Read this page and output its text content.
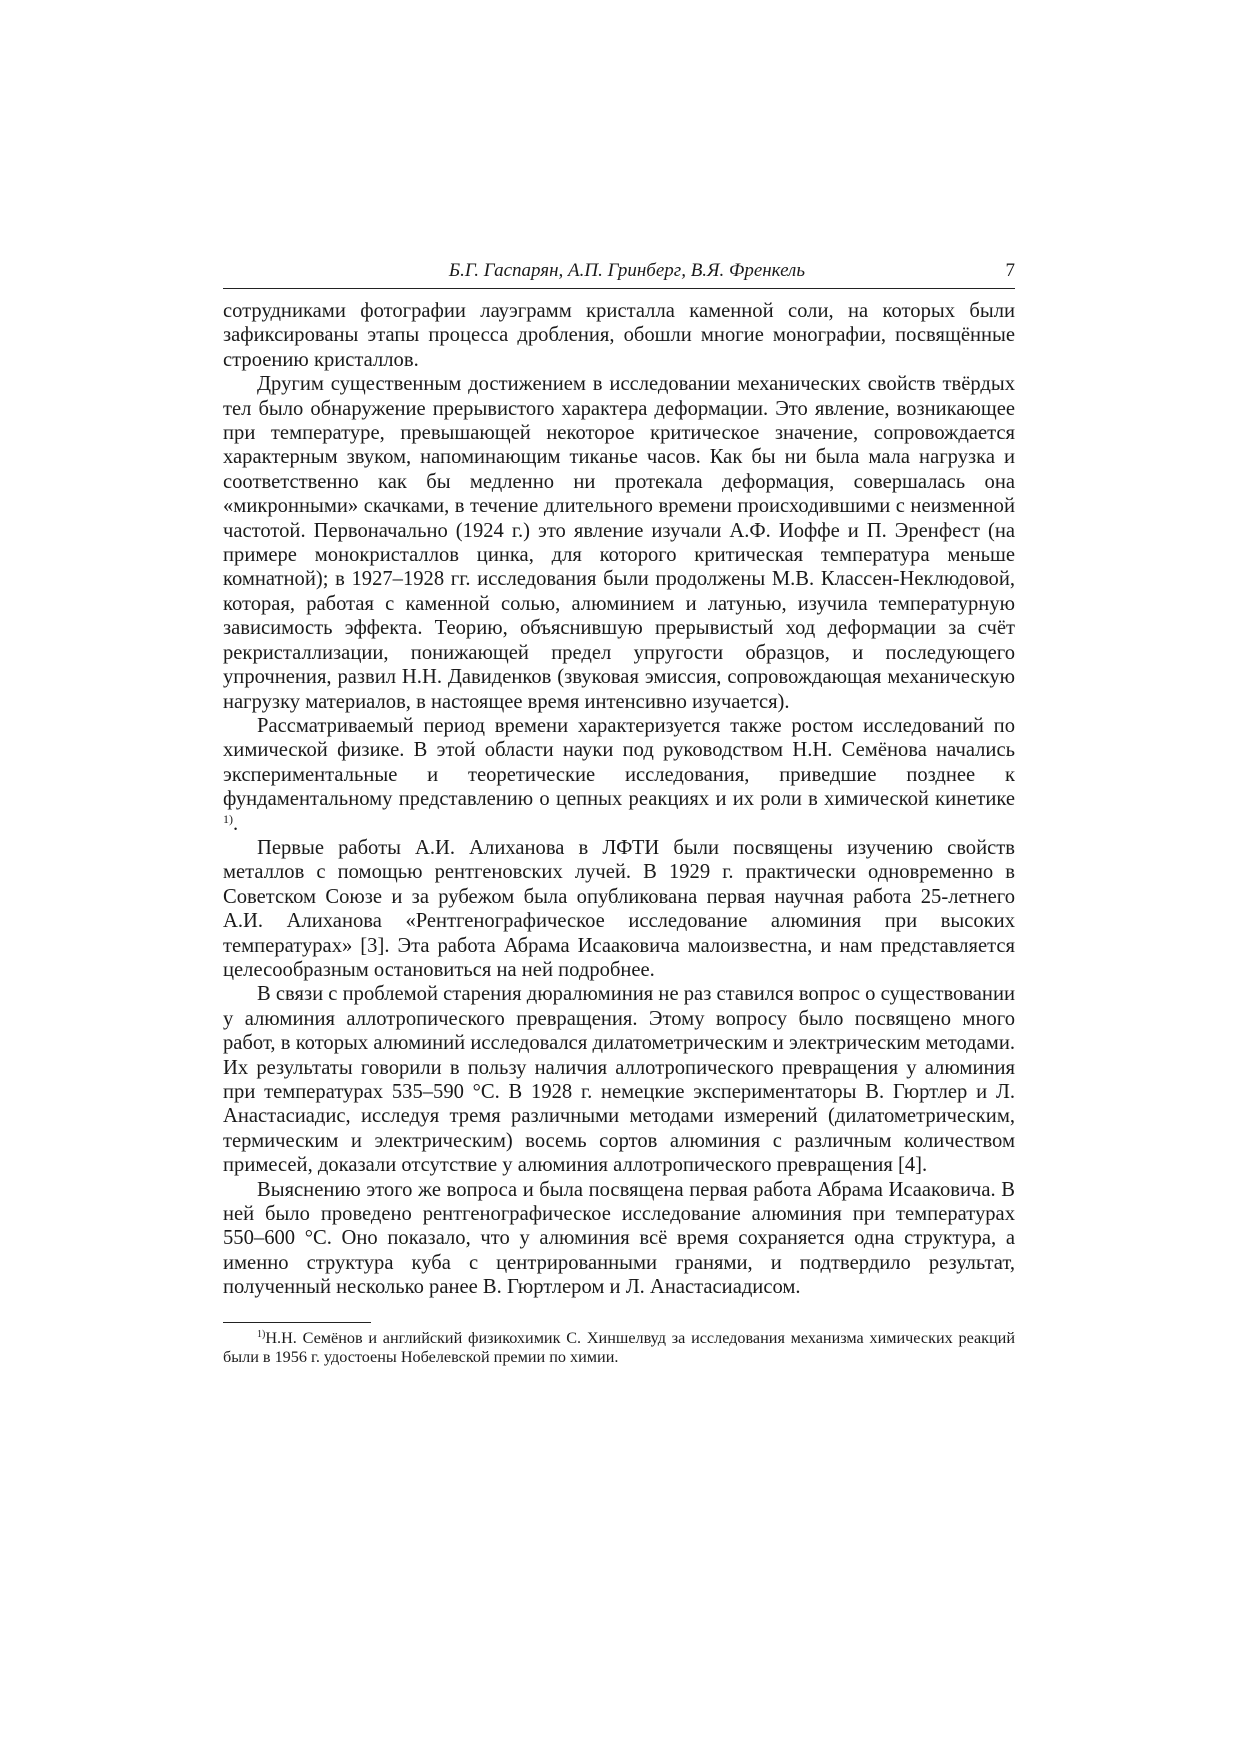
Б.Г. Гаспарян, А.П. Гринберг, В.Я. Френкель	7

сотрудниками фотографии лауэграмм кристалла каменной соли, на которых были зафиксированы этапы процесса дробления, обошли многие монографии, посвящённые строению кристаллов.

Другим существенным достижением в исследовании механических свойств твёрдых тел было обнаружение прерывистого характера деформации. Это явление, возникающее при температуре, превышающей некоторое критическое значение, сопровождается характерным звуком, напоминающим тиканье часов. Как бы ни была мала нагрузка и соответственно как бы медленно ни протекала деформация, совершалась она «микронными» скачками, в течение длительного времени происходившими с неизменной частотой. Первоначально (1924 г.) это явление изучали А.Ф. Иоффе и П. Эренфест (на примере монокристаллов цинка, для которого критическая температура меньше комнатной); в 1927–1928 гг. исследования были продолжены М.В. Классен-Неклюдовой, которая, работая с каменной солью, алюминием и латунью, изучила температурную зависимость эффекта. Теорию, объяснившую прерывистый ход деформации за счёт рекристаллизации, понижающей предел упругости образцов, и последующего упрочнения, развил Н.Н. Давиденков (звуковая эмиссия, сопровождающая механическую нагрузку материалов, в настоящее время интенсивно изучается).

Рассматриваемый период времени характеризуется также ростом исследований по химической физике. В этой области науки под руководством Н.Н. Семёнова начались экспериментальные и теоретические исследования, приведшие позднее к фундаментальному представлению о цепных реакциях и их роли в химической кинетике $^{1)}$.

Первые работы А.И. Алиханова в ЛФТИ были посвящены изучению свойств металлов с помощью рентгеновских лучей. В 1929 г. практически одновременно в Советском Союзе и за рубежом была опубликована первая научная работа 25-летнего А.И. Алиханова «Рентгенографическое исследование алюминия при высоких температурах» [3]. Эта работа Абрама Исааковича малоизвестна, и нам представляется целесообразным остановиться на ней подробнее.

В связи с проблемой старения дюралюминия не раз ставился вопрос о существовании у алюминия аллотропического превращения. Этому вопросу было посвящено много работ, в которых алюминий исследовался дилатометрическим и электрическим методами. Их результаты говорили в пользу наличия аллотропического превращения у алюминия при температурах 535–590 °С. В 1928 г. немецкие экспериментаторы В. Гюртлер и Л. Анастасиадис, исследуя тремя различными методами измерений (дилатометрическим, термическим и электрическим) восемь сортов алюминия с различным количеством примесей, доказали отсутствие у алюминия аллотропического превращения [4].

Выяснению этого же вопроса и была посвящена первая работа Абрама Исааковича. В ней было проведено рентгенографическое исследование алюминия при температурах 550–600 °С. Оно показало, что у алюминия всё время сохраняется одна структура, а именно структура куба с центрированными гранями, и подтвердило результат, полученный несколько ранее В. Гюртлером и Л. Анастасиадисом.

$^{1)}$Н.Н. Семёнов и английский физикохимик С. Хиншелвуд за исследования механизма химических реакций были в 1956 г. удостоены Нобелевской премии по химии.
